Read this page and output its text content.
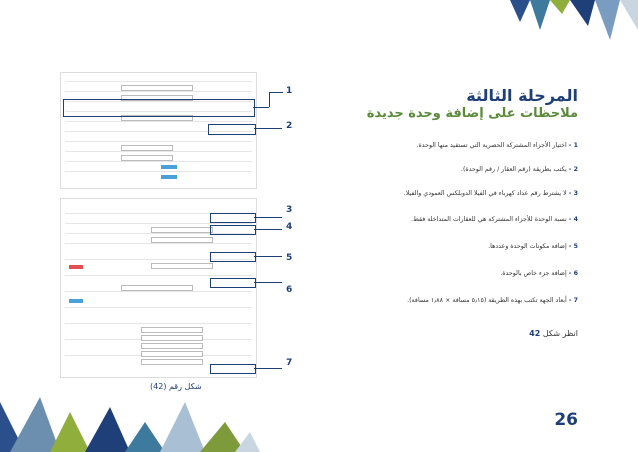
المرحلة الثالثة
ملاحظات على إضافة وحدة جديدة
1 - اختيار الأجزاء المشتركة الحصرية التي تستفيد منها الوحدة.
2 - يكتب بطريقة (رقم العقار / رقم الوحدة).
3 - لا يشترط رقم عداد كهرباء في الفيلا الدوبلكس العمودي والفيلا.
4 - نسبة الوحدة للأجزاء المشتركة هي للعقارات المتداخلة فقط.
5 - إضافة مكونات الوحدة وعددها.
6 - إضافة جزء خاص بالوحدة.
7 - أبعاد الجهة تكتب بهذه الطريقة (٥٫١٥ مسافة × ١٫٨٨ مسافة).
انظر شكل 42
26
شكل رقم (42)
1
2
3
4
5
6
7
